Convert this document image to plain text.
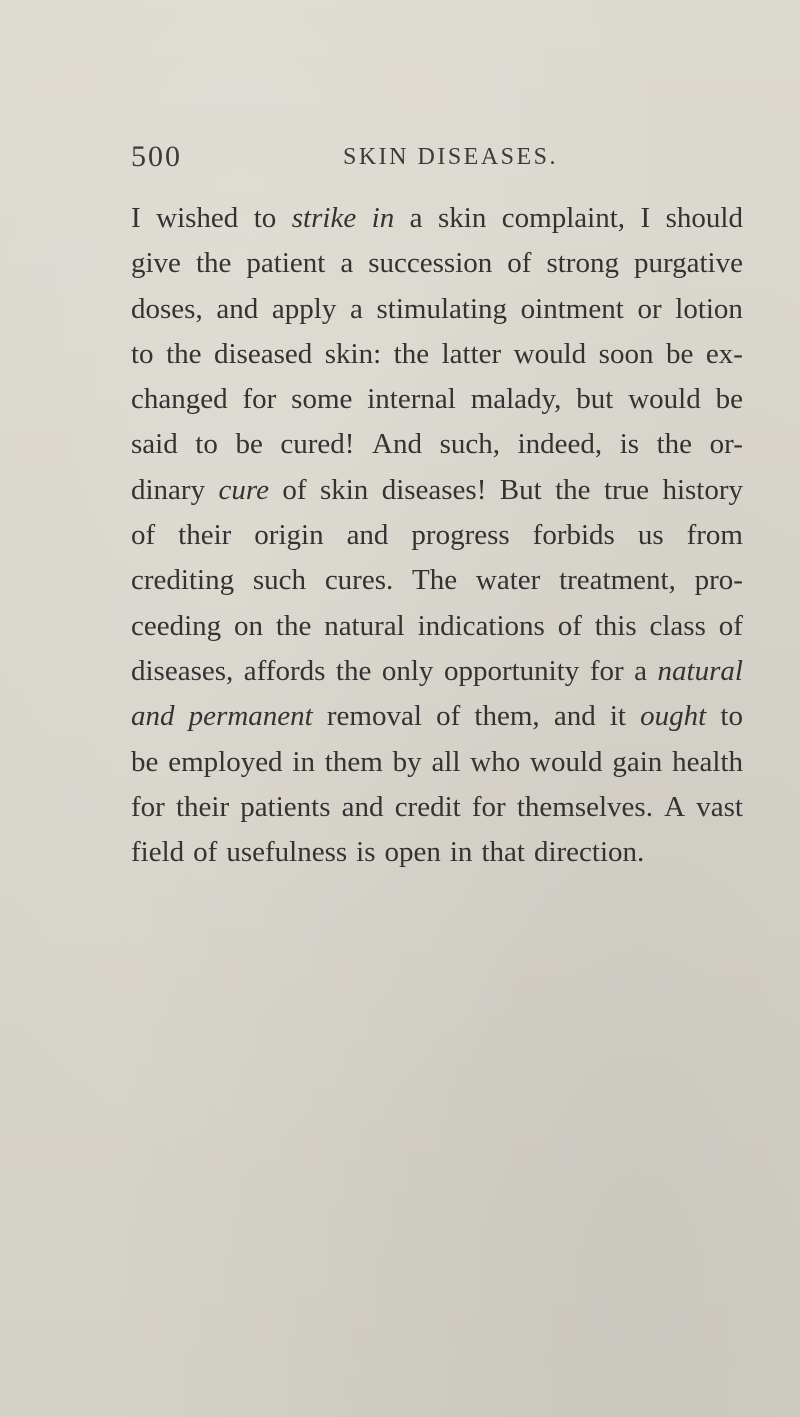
500	SKIN DISEASES.
I wished to strike in a skin complaint, I should
give the patient a succession of strong purgative
doses, and apply a stimulating ointment or lotion
to the diseased skin: the latter would soon be ex-
changed for some internal malady, but would be
said to be cured! And such, indeed, is the or-
dinary cure of skin diseases! But the true history
of their origin and progress forbids us from
crediting such cures. The water treatment, pro-
ceeding on the natural indications of this class of
diseases, affords the only opportunity for a natural
and permanent removal of them, and it ought to
be employed in them by all who would gain health
for their patients and credit for themselves. A vast
field of usefulness is open in that direction.
